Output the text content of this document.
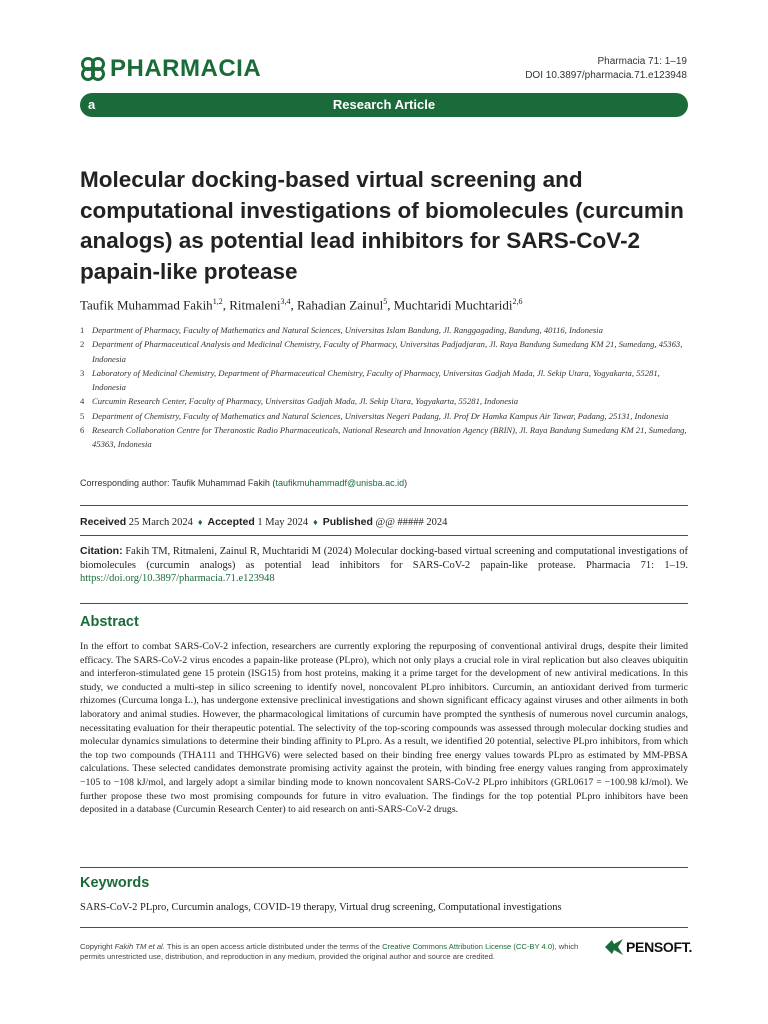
PHARMACIA	Pharmacia 71: 1–19
DOI 10.3897/pharmacia.71.e123948
a	Research Article
Molecular docking-based virtual screening and computational investigations of biomolecules (curcumin analogs) as potential lead inhibitors for SARS-CoV-2 papain-like protease
Taufik Muhammad Fakih$^{1,2}$, Ritmaleni$^{3,4}$, Rahadian Zainul$^5$, Muchtaridi Muchtaridi$^{2,6}$
1 Department of Pharmacy, Faculty of Mathematics and Natural Sciences, Universitas Islam Bandung, Jl. Ranggagading, Bandung, 40116, Indonesia
2 Department of Pharmaceutical Analysis and Medicinal Chemistry, Faculty of Pharmacy, Universitas Padjadjaran, Jl. Raya Bandung Sumedang KM 21, Sumedang, 45363, Indonesia
3 Laboratory of Medicinal Chemistry, Department of Pharmaceutical Chemistry, Faculty of Pharmacy, Universitas Gadjah Mada, Jl. Sekip Utara, Yogyakarta, 55281, Indonesia
4 Curcumin Research Center, Faculty of Pharmacy, Universitas Gadjah Mada, Jl. Sekip Utara, Yogyakarta, 55281, Indonesia
5 Department of Chemistry, Faculty of Mathematics and Natural Sciences, Universitas Negeri Padang, Jl. Prof Dr Hamka Kampus Air Tawar, Padang, 25131, Indonesia
6 Research Collaboration Centre for Theranostic Radio Pharmaceuticals, National Research and Innovation Agency (BRIN), Jl. Raya Bandung Sumedang KM 21, Sumedang, 45363, Indonesia
Corresponding author: Taufik Muhammad Fakih (taufikmuhammadf@unisba.ac.id)
Received 25 March 2024 ♦ Accepted 1 May 2024 ♦ Published @@ ##### 2024
Citation: Fakih TM, Ritmaleni, Zainul R, Muchtaridi M (2024) Molecular docking-based virtual screening and computational investigations of biomolecules (curcumin analogs) as potential lead inhibitors for SARS-CoV-2 papain-like protease. Pharmacia 71: 1–19. https://doi.org/10.3897/pharmacia.71.e123948
Abstract

In the effort to combat SARS-CoV-2 infection, researchers are currently exploring the repurposing of conventional antiviral drugs, despite their limited efficacy. The SARS-CoV-2 virus encodes a papain-like protease (PLpro), which not only plays a crucial role in viral replication but also cleaves ubiquitin and interferon-stimulated gene 15 protein (ISG15) from host proteins, making it a prime target for the development of new antiviral medications. In this study, we conducted a multi-step in silico screening to identify novel, noncovalent PLpro inhibitors. Curcumin, an antioxidant derived from turmeric rhizomes (Curcuma longa L.), has undergone extensive preclinical investigations and shown significant efficacy against viruses and other ailments in both laboratory and animal studies. However, the pharmacological limitations of curcumin have prompted the synthesis of numerous novel curcumin analogs, necessitating evaluation for their therapeutic potential. The selectivity of the top-scoring compounds was assessed through molecular docking studies and molecular dynamics simulations to determine their binding affinity to PLpro. As a result, we identified 20 potential, selective PLpro inhibitors, from which the top two compounds (THA111 and THHGV6) were selected based on their binding free energy values towards PLpro as estimated by MM-PBSA calculations. These selected candidates demonstrate promising activity against the protein, with binding free energy values ranging from approximately −105 to −108 kJ/mol, and largely adopt a similar binding mode to known noncovalent SARS-CoV-2 PLpro inhibitors (GRL0617 = −100.98 kJ/mol). We further propose these two most promising compounds for future in vitro evaluation. The findings for the top potential PLpro inhibitors have been deposited in a database (Curcumin Research Center) to aid research on anti-SARS-CoV-2 drugs.

Keywords
SARS-CoV-2 PLpro, Curcumin analogs, COVID-19 therapy, Virtual drug screening, Computational investigations
Copyright Fakih TM et al. This is an open access article distributed under the terms of the Creative Commons Attribution License (CC-BY 4.0), which permits unrestricted use, distribution, and reproduction in any medium, provided the original author and source are credited.
PENSOFT.
